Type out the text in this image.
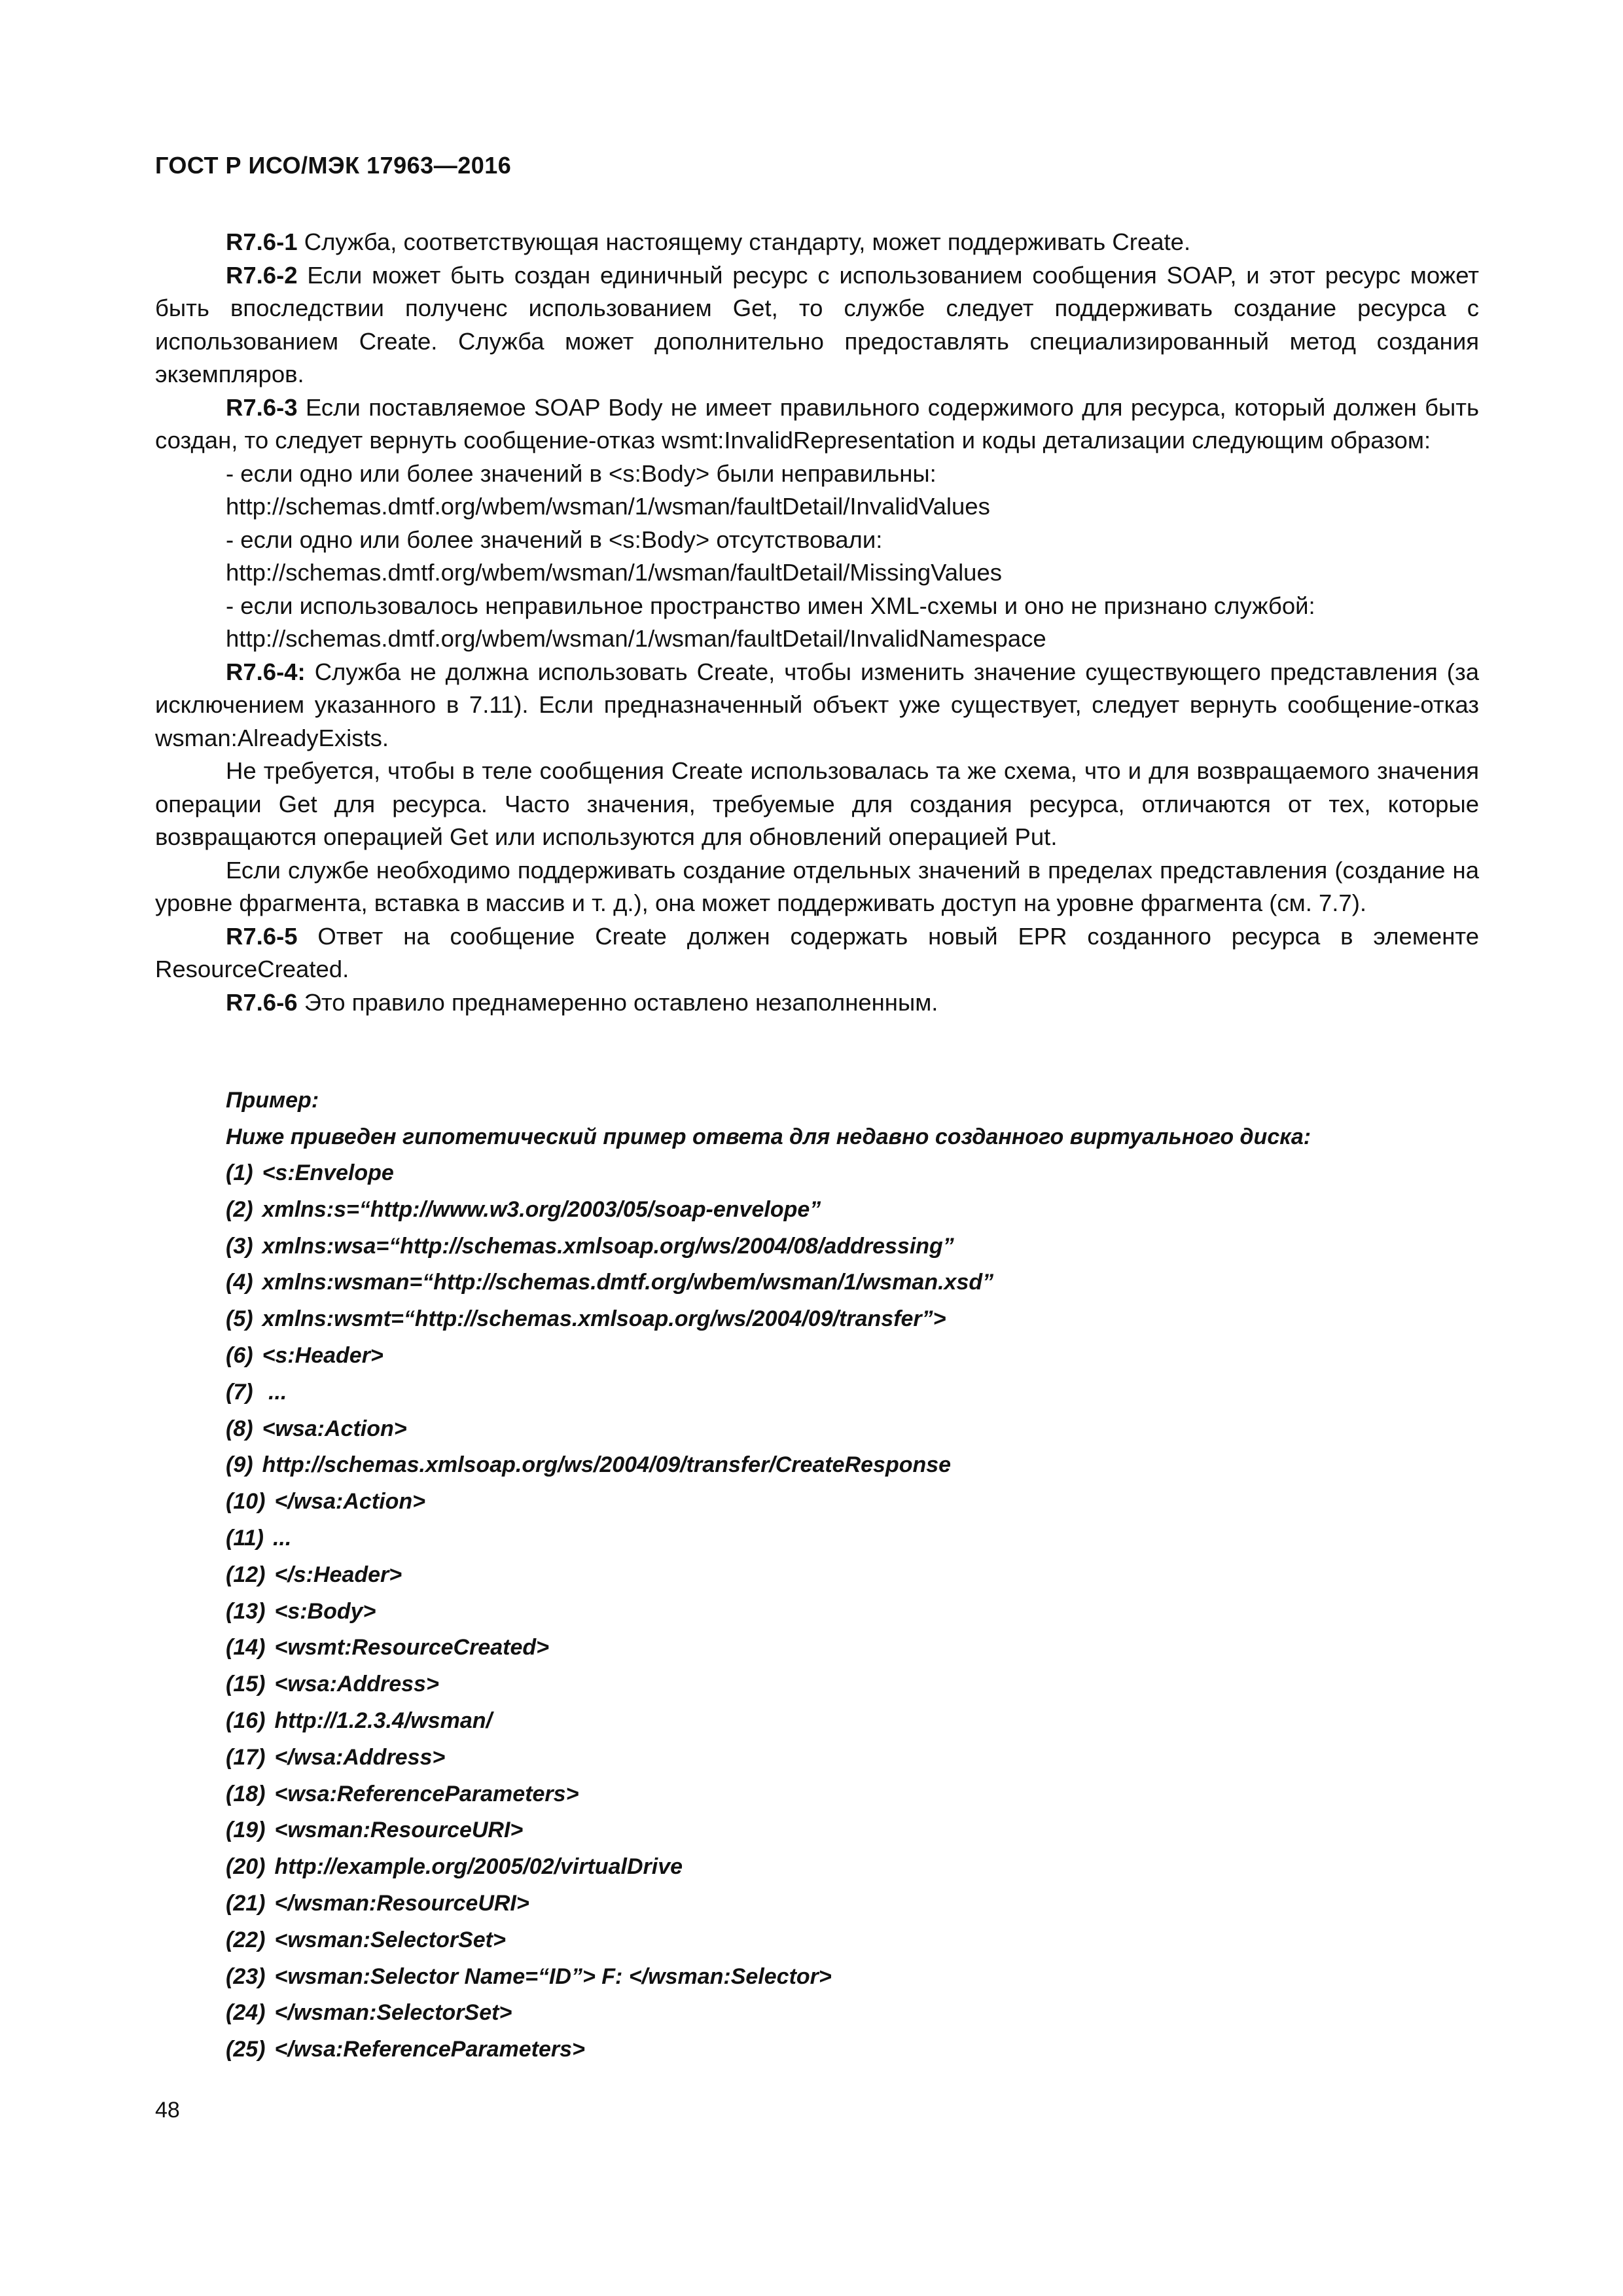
ГОСТ Р ИСО/МЭК 17963—2016

R7.6-1 Служба, соответствующая настоящему стандарту, может поддерживать Create.

R7.6-2 Если может быть создан единичный ресурс с использованием сообщения SOAP, и этот ресурс может быть впоследствии полученс использованием Get, то службе следует поддерживать создание ресурса с использованием Create. Служба может дополнительно предоставлять специализированный метод создания экземпляров.

R7.6-3 Если поставляемое SOAP Body не имеет правильного содержимого для ресурса, который должен быть создан, то следует вернуть сообщение-отказ wsmt:InvalidRepresentation и коды детализации следующим образом:

- если одно или более значений в <s:Body> были неправильны:

http://schemas.dmtf.org/wbem/wsman/1/wsman/faultDetail/InvalidValues

- если одно или более значений в <s:Body> отсутствовали:

http://schemas.dmtf.org/wbem/wsman/1/wsman/faultDetail/MissingValues

- если использовалось неправильное пространство имен XML-схемы и оно не признано службой:

http://schemas.dmtf.org/wbem/wsman/1/wsman/faultDetail/InvalidNamespace

R7.6-4: Служба не должна использовать Create, чтобы изменить значение существующего представления (за исключением указанного в 7.11). Если предназначенный объект уже существует, следует вернуть сообщение-отказ wsman:AlreadyExists.

Не требуется, чтобы в теле сообщения Create использовалась та же схема, что и для возвращаемого значения операции Get для ресурса. Часто значения, требуемые для создания ресурса, отличаются от тех, которые возвращаются операцией Get или используются для обновлений операцией Put.

Если службе необходимо поддерживать создание отдельных значений в пределах представления (создание на уровне фрагмента, вставка в массив и т. д.), она может поддерживать доступ на уровне фрагмента (см. 7.7).

R7.6-5 Ответ на сообщение Create должен содержать новый EPR созданного ресурса в элементе ResourceCreated.

R7.6-6 Это правило преднамеренно оставлено незаполненным.

Пример:
Ниже приведен гипотетический пример ответа для недавно созданного виртуального диска:
(1) <s:Envelope
(2) xmlns:s=“http://www.w3.org/2003/05/soap-envelope”
(3) xmlns:wsa=“http://schemas.xmlsoap.org/ws/2004/08/addressing”
(4) xmlns:wsman=“http://schemas.dmtf.org/wbem/wsman/1/wsman.xsd”
(5) xmlns:wsmt=“http://schemas.xmlsoap.org/ws/2004/09/transfer”>
(6) <s:Header>
(7) ...
(8) <wsa:Action>
(9) http://schemas.xmlsoap.org/ws/2004/09/transfer/CreateResponse
(10) </wsa:Action>
(11) ...
(12) </s:Header>
(13) <s:Body>
(14) <wsmt:ResourceCreated>
(15) <wsa:Address>
(16) http://1.2.3.4/wsman/
(17) </wsa:Address>
(18) <wsa:ReferenceParameters>
(19) <wsman:ResourceURI>
(20) http://example.org/2005/02/virtualDrive
(21) </wsman:ResourceURI>
(22) <wsman:SelectorSet>
(23) <wsman:Selector Name=“ID”> F: </wsman:Selector>
(24) </wsman:SelectorSet>
(25) </wsa:ReferenceParameters>
48
